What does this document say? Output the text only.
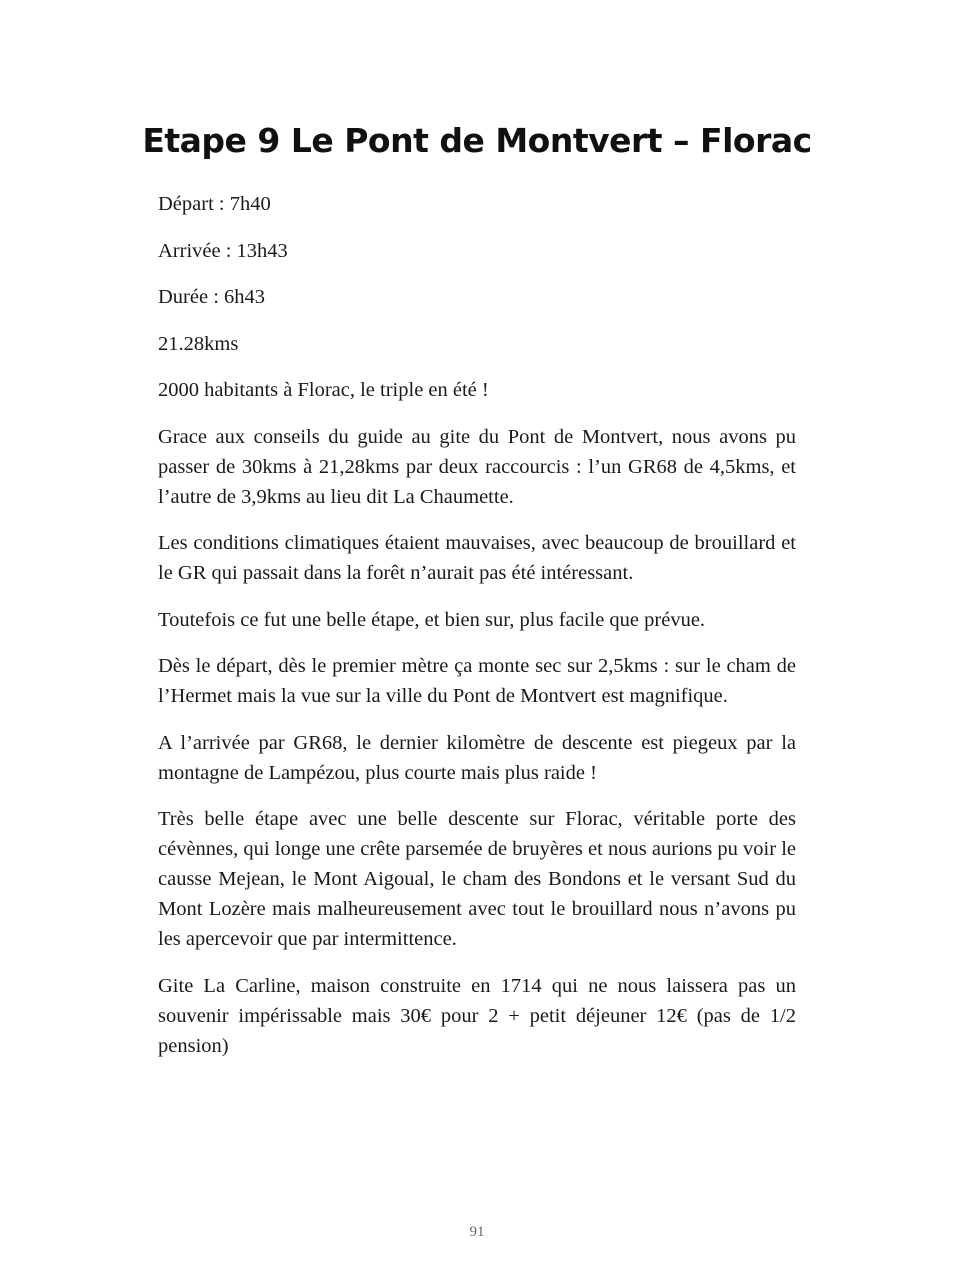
Etape 9 Le Pont de Montvert – Florac

Départ : 7h40

Arrivée : 13h43

Durée : 6h43

21.28kms

2000 habitants à Florac, le triple en été !

Grace aux conseils du guide au gite du Pont de Montvert, nous avons pu passer de 30kms à 21,28kms par deux raccourcis : l’un GR68 de 4,5kms, et l’autre de 3,9kms au lieu dit La Chaumette.

Les conditions climatiques étaient mauvaises, avec beaucoup de brouillard et le GR qui passait dans la forêt n’aurait pas été intéressant.

Toutefois ce fut une belle étape, et bien sur, plus facile que prévue.

Dès le départ, dès le premier mètre ça monte sec sur 2,5kms : sur le cham de l’Hermet mais la vue sur la ville du Pont de Montvert est magnifique.

A l’arrivée par GR68, le dernier kilomètre de descente est piegeux par la montagne de Lampézou, plus courte mais plus raide !

Très belle étape avec une belle descente sur Florac, véritable porte des cévènnes, qui longe une crête parsemée de bruyères et nous aurions pu voir le causse Mejean, le Mont Aigoual, le cham des Bondons et le versant Sud du Mont Lozère mais malheureusement avec tout le brouillard nous n’avons pu les apercevoir que par intermittence.

Gite La Carline, maison construite en 1714 qui ne nous laissera pas un souvenir impérissable mais 30€ pour 2 + petit déjeuner 12€ (pas de 1/2 pension)

91
